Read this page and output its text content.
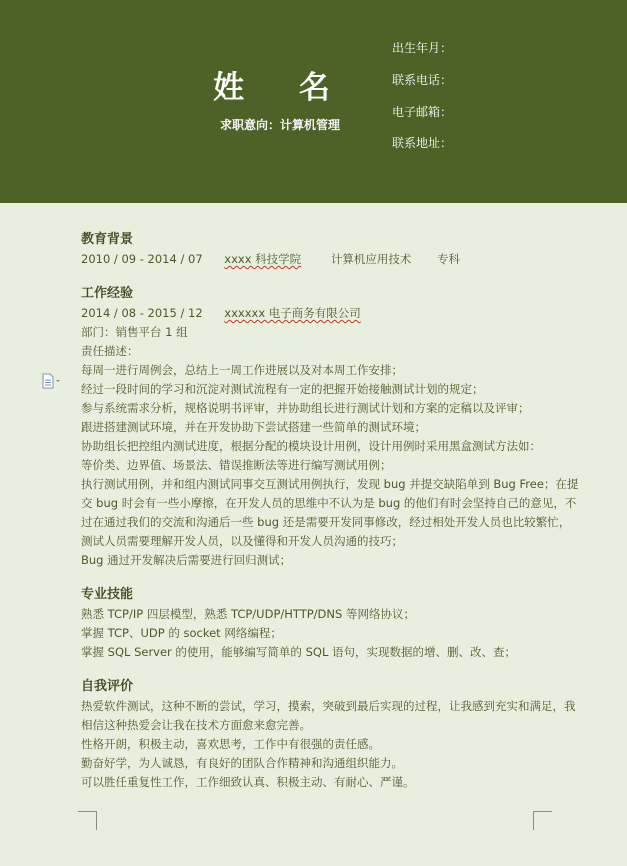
姓 名
求职意向：计算机管理
出生年月：
联系电话：
电子邮箱：
联系地址：
教育背景
2010 / 09 - 2014 / 07 xxxx 科技学院	计算机应用技术 专科
工作经验
2014 / 08 - 2015 / 12 xxxxxx 电子商务有限公司
部门：销售平台 1 组
责任描述：
每周一进行周例会，总结上一周工作进展以及对本周工作安排；
经过一段时间的学习和沉淀对测试流程有一定的把握开始接触测试计划的规定；
参与系统需求分析，规格说明书评审，并协助组长进行测试计划和方案的定稿以及评审；
跟进搭建测试环境，并在开发协助下尝试搭建一些简单的测试环境；
协助组长把控组内测试进度，根据分配的模块设计用例，设计用例时采用黑盒测试方法如：
等价类、边界值、场景法、错误推断法等进行编写测试用例；
执行测试用例，并和组内测试同事交互测试用例执行，发现 bug 并提交缺陷单到 Bug Free；在提
交 bug 时会有一些小摩擦，在开发人员的思维中不认为是 bug 的他们有时会坚持自己的意见，不
过在通过我们的交流和沟通后一些 bug 还是需要开发同事修改，经过相处开发人员也比较繁忙，
测试人员需要理解开发人员，以及懂得和开发人员沟通的技巧；
Bug 通过开发解决后需要进行回归测试；
专业技能
熟悉 TCP/IP 四层模型，熟悉 TCP/UDP/HTTP/DNS 等网络协议；
掌握 TCP、UDP 的 socket 网络编程；
掌握 SQL Server 的使用，能够编写简单的 SQL 语句，实现数据的增、删、改、查；
自我评价
热爱软件测试，这种不断的尝试，学习，摸索，突破到最后实现的过程，让我感到充实和满足，我
相信这种热爱会让我在技术方面愈来愈完善。
性格开朗，积极主动，喜欢思考，工作中有很强的责任感。
勤奋好学，为人诚恳，有良好的团队合作精神和沟通组织能力。
可以胜任重复性工作，工作细致认真、积极主动、有耐心、严谨。
